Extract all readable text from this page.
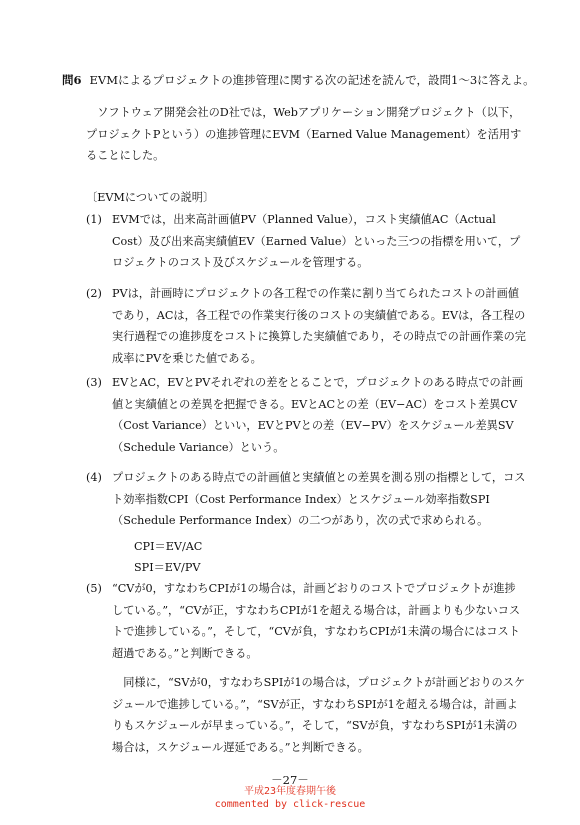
問6 EVMによるプロジェクトの進捗管理に関する次の記述を読んで，設問1～3に答えよ。
ソフトウェア開発会社のD社では，Webアプリケーション開発プロジェクト（以下，プロジェクトPという）の進捗管理にEVM（Earned Value Management）を活用することにした。
〔EVMについての説明〕
(1) EVMでは，出来高計画値PV（Planned Value），コスト実績値AC（Actual Cost）及び出来高実績値EV（Earned Value）といった三つの指標を用いて，プロジェクトのコスト及びスケジュールを管理する。
(2) PVは，計画時にプロジェクトの各工程での作業に割り当てられたコストの計画値であり，ACは，各工程での作業実行後のコストの実績値である。EVは，各工程の実行過程での進捗度をコストに換算した実績値であり，その時点での計画作業の完成率にPVを乗じた値である。
(3) EVとAC，EVとPVそれぞれの差をとることで，プロジェクトのある時点での計画値と実績値との差異を把握できる。EVとACとの差（EV−AC）をコスト差異CV（Cost Variance）といい，EVとPVとの差（EV−PV）をスケジュール差異SV（Schedule Variance）という。
(4) プロジェクトのある時点での計画値と実績値との差異を測る別の指標として，コスト効率指数CPI（Cost Performance Index）とスケジュール効率指数SPI（Schedule Performance Index）の二つがあり，次の式で求められる。
CPI＝EV/AC
SPI＝EV/PV
(5) “CVが0，すなわちCPIが1の場合は，計画どおりのコストでプロジェクトが進捗している。”，“CVが正，すなわちCPIが1を超える場合は，計画よりも少ないコストで進捗している。”，そして，“CVが負，すなわちCPIが1未満の場合にはコスト超過である。”と判断できる。
同様に，“SVが0，すなわちSPIが1の場合は，プロジェクトが計画どおりのスケジュールで進捗している。”，“SVが正，すなわちSPIが1を超える場合は，計画よりもスケジュールが早まっている。”，そして，“SVが負，すなわちSPIが1未満の場合は，スケジュール遅延である。”と判断できる。
－27－
平成23年度春期午後
commented by click-rescue
